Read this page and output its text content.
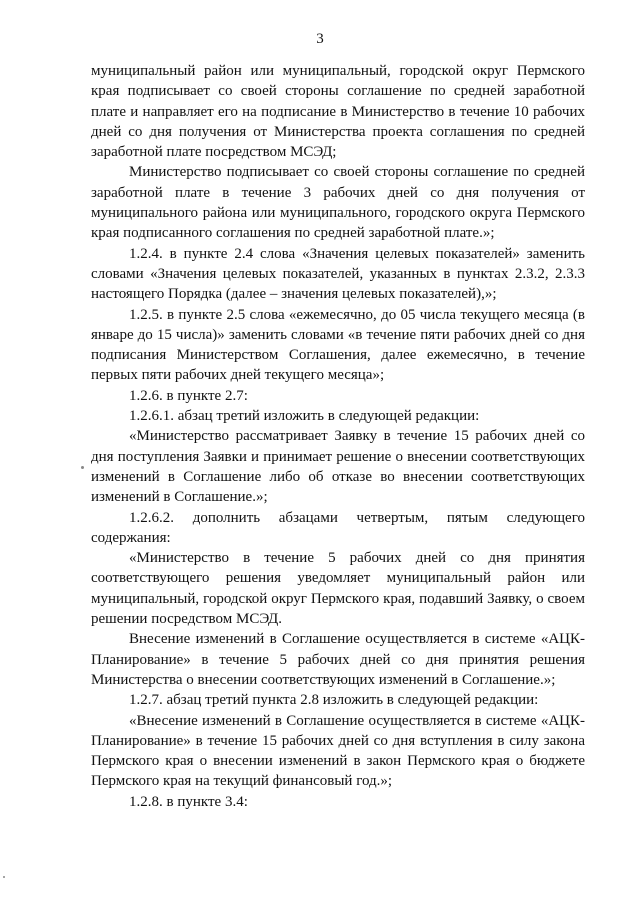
3

муниципальный район или муниципальный, городской округ Пермского края подписывает со своей стороны соглашение по средней заработной плате и направляет его на подписание в Министерство в течение 10 рабочих дней со дня получения от Министерства проекта соглашения по средней заработной плате посредством МСЭД;

Министерство подписывает со своей стороны соглашение по средней заработной плате в течение 3 рабочих дней со дня получения от муниципального района или муниципального, городского округа Пермского края подписанного соглашения по средней заработной плате.»;

1.2.4. в пункте 2.4 слова «Значения целевых показателей» заменить словами «Значения целевых показателей, указанных в пунктах 2.3.2, 2.3.3 настоящего Порядка (далее – значения целевых показателей),»;

1.2.5. в пункте 2.5 слова «ежемесячно, до 05 числа текущего месяца (в январе до 15 числа)» заменить словами «в течение пяти рабочих дней со дня подписания Министерством Соглашения, далее ежемесячно, в течение первых пяти рабочих дней текущего месяца»;

1.2.6. в пункте 2.7:

1.2.6.1. абзац третий изложить в следующей редакции:

«Министерство рассматривает Заявку в течение 15 рабочих дней со дня поступления Заявки и принимает решение о внесении соответствующих изменений в Соглашение либо об отказе во внесении соответствующих изменений в Соглашение.»;

1.2.6.2. дополнить абзацами четвертым, пятым следующего содержания:

«Министерство в течение 5 рабочих дней со дня принятия соответствующего решения уведомляет муниципальный район или муниципальный, городской округ Пермского края, подавший Заявку, о своем решении посредством МСЭД.

Внесение изменений в Соглашение осуществляется в системе «АЦК-Планирование» в течение 5 рабочих дней со дня принятия решения Министерства о внесении соответствующих изменений в Соглашение.»;

1.2.7. абзац третий пункта 2.8 изложить в следующей редакции:

«Внесение изменений в Соглашение осуществляется в системе «АЦК-Планирование» в течение 15 рабочих дней со дня вступления в силу закона Пермского края о внесении изменений в закон Пермского края о бюджете Пермского края на текущий финансовый год.»;

1.2.8. в пункте 3.4:
